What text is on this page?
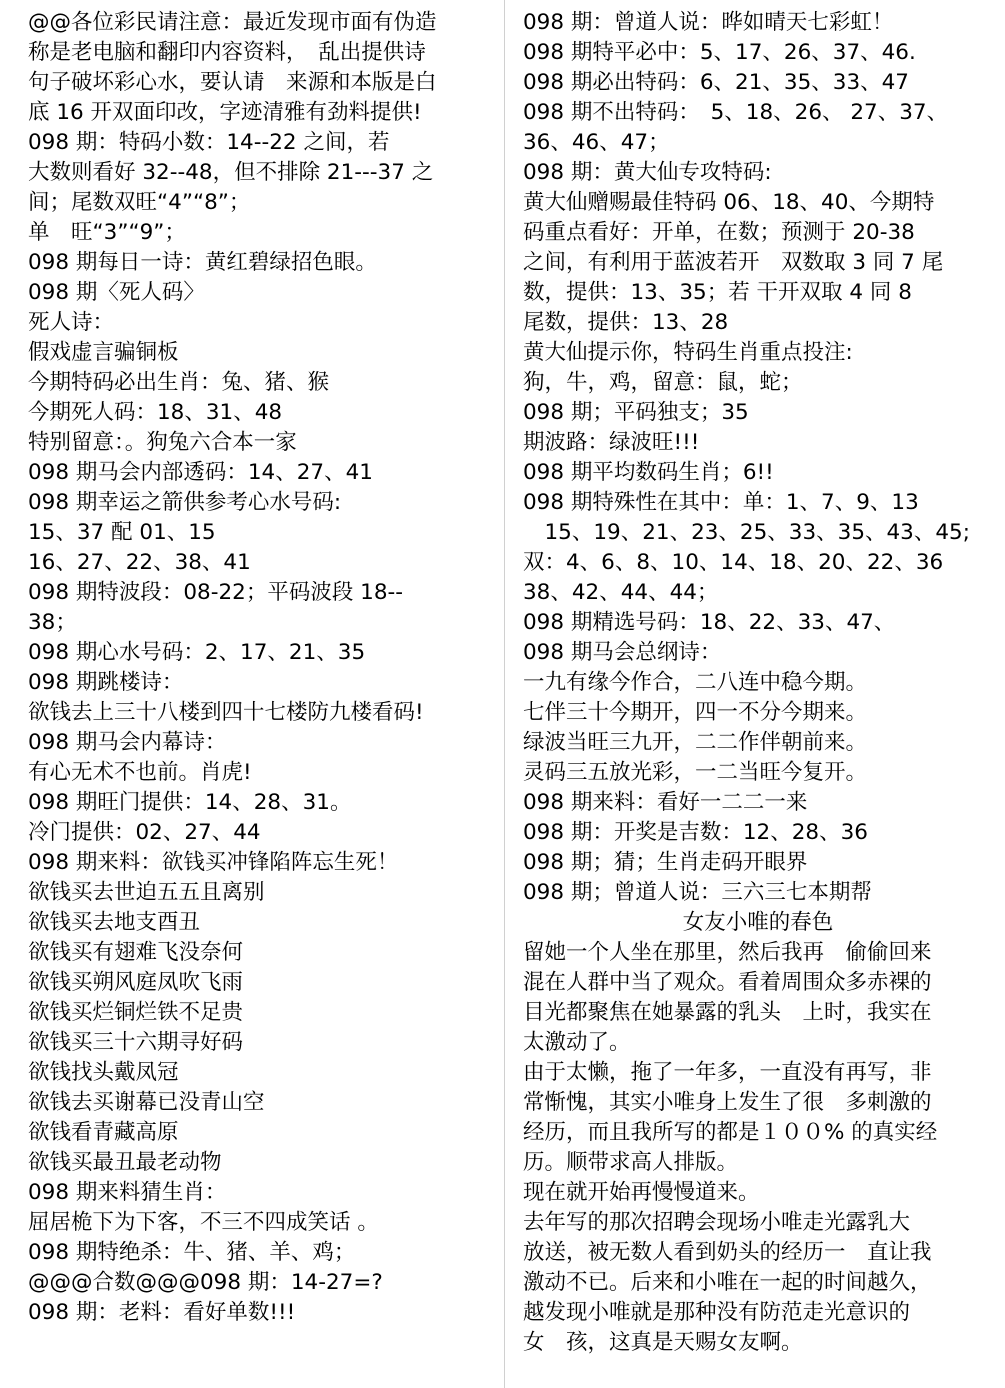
@@各位彩民请注意：最近发现市面有伪造
称是老电脑和翻印内容资料，　乱出提供诗
句子破坏彩心水，要认请　来源和本版是白
底 16 开双面印改，字迹清雅有劲料提供!
098 期：特码小数：14--22 之间，若
大数则看好 32--48，但不排除 21---37 之
间；尾数双旺“4”“8”；
单　旺“3”“9”；
098 期每日一诗：黄红碧绿招色眼。
098 期〈死人码〉
死人诗：
假戏虚言骗铜板
今期特码必出生肖：兔、猪、猴
今期死人码：18、31、48
特别留意：。狗兔六合本一家
098 期马会内部透码：14、27、41
098 期幸运之箭供参考心水号码:
15、37 配 01、15
16、27、22、38、41
098 期特波段：08-22；平码波段 18--
38；
098 期心水号码：2、17、21、35
098 期跳楼诗：
欲钱去上三十八楼到四十七楼防九楼看码!
098 期马会内幕诗：
有心无术不也前。肖虎!
098 期旺门提供：14、28、31。
冷门提供：02、27、44
098 期来料：欲钱买冲锋陷阵忘生死！
欲钱买去世迫五五且离别
欲钱买去地支酉丑
欲钱买有翅难飞没奈何
欲钱买朔风庭凤吹飞雨
欲钱买烂铜烂铁不足贵
欲钱买三十六期寻好码
欲钱找头戴凤冠
欲钱去买谢幕已没青山空
欲钱看青藏高原
欲钱买最丑最老动物
098 期来料猜生肖：
屈居桅下为下客，不三不四成笑话 。
098 期特绝杀：牛、猪、羊、鸡；
@@@合数@@@098 期：14-27=?
098 期：老料：看好单数!!!
098 期：曾道人说：晔如晴天七彩虹！
098 期特平必中：5、17、26、37、46.
098 期必出特码：6、21、35、33、47
098 期不出特码：　5、18、26、 27、37、
36、46、47；
098 期：黄大仙专攻特码:
黄大仙赠赐最佳特码 06、18、40、今期特
码重点看好：开单，在数；预测于 20-38
之间，有利用于蓝波若开　双数取 3 同 7 尾
数，提供：13、35；若 干开双取 4 同 8
尾数，提供：13、28
黄大仙提示你，特码生肖重点投注:
狗，牛，鸡，留意：鼠，蛇；
098 期；平码独支；35
期波路：绿波旺!!!
098 期平均数码生肖；6!!
098 期特殊性在其中：单：1、7、9、13
　15、19、21、23、25、33、35、43、45;
双：4、6、8、10、14、18、20、22、36
38、42、44、44；
098 期精选号码：18、22、33、47、
098 期马会总纲诗：
一九有缘今作合，二八连中稳今期。
七伴三十今期开，四一不分今期来。
绿波当旺三九开，二二作伴朝前来。
灵码三五放光彩，一二当旺今复开。
098 期来料：看好一二二一来
098 期：开奖是吉数：12、28、36
098 期；猜；生肖走码开眼界
098 期；曾道人说：三六三七本期帮
女友小唯的春色
留她一个人坐在那里，然后我再　偷偷回来
混在人群中当了观众。看着周围众多赤裸的
目光都聚焦在她暴露的乳头　上时，我实在
太激动了。
由于太懒，拖了一年多，一直没有再写，非
常惭愧，其实小唯身上发生了很　多刺激的
经历，而且我所写的都是１００% 的真实经
历。顺带求高人排版。
现在就开始再慢慢道来。
去年写的那次招聘会现场小唯走光露乳大
放送，被无数人看到奶头的经历一　直让我
激动不已。后来和小唯在一起的时间越久，
越发现小唯就是那种没有防范走光意识的
女　孩，这真是天赐女友啊。
